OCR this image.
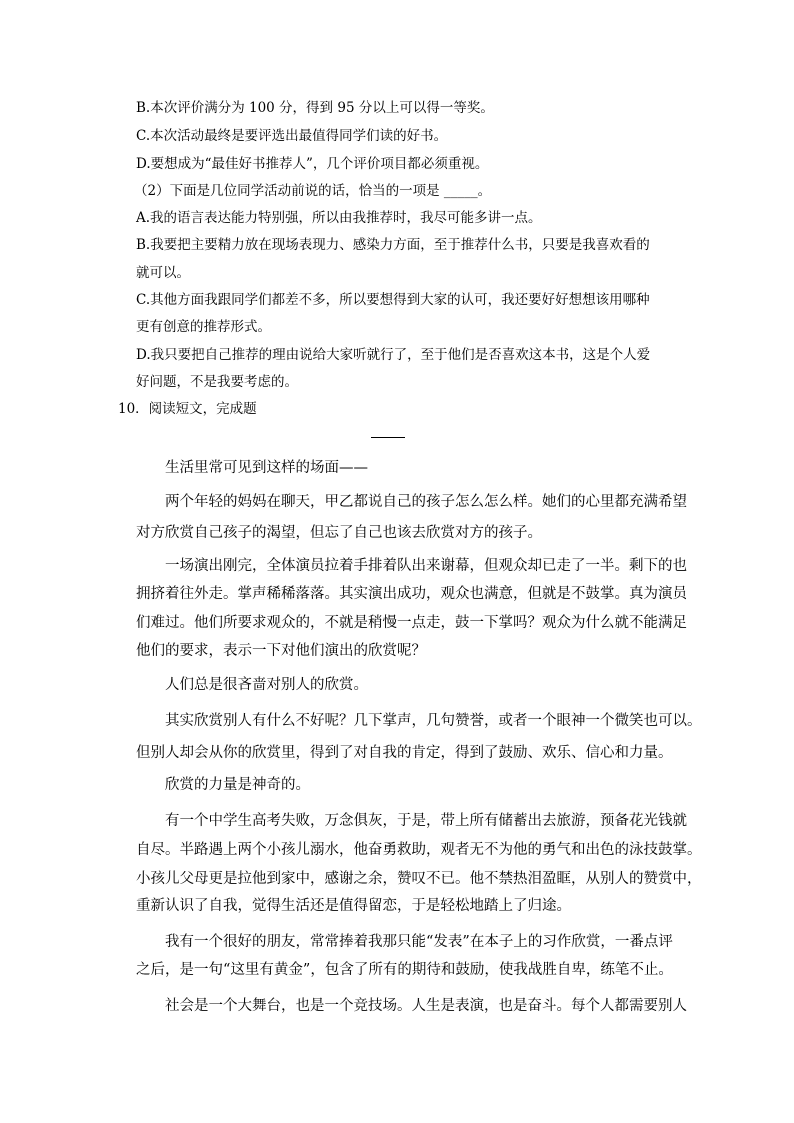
B.本次评价满分为 100 分，得到 95 分以上可以得一等奖。
C.本次活动最终是要评选出最值得同学们读的好书。
D.要想成为“最佳好书推荐人”，几个评价项目都必须重视。
（2）下面是几位同学活动前说的话，恰当的一项是 _____。
A.我的语言表达能力特别强，所以由我推荐时，我尽可能多讲一点。
B.我要把主要精力放在现场表现力、感染力方面，至于推荐什么书，只要是我喜欢看的
就可以。
C.其他方面我跟同学们都差不多，所以要想得到大家的认可，我还要好好想想该用哪种
更有创意的推荐形式。
D.我只要把自己推荐的理由说给大家听就行了，至于他们是否喜欢这本书，这是个人爱
好问题，不是我要考虑的。
10．阅读短文，完成题
生活里常可见到这样的场面——
两个年轻的妈妈在聊天，甲乙都说自己的孩子怎么怎么样。她们的心里都充满希望
对方欣赏自己孩子的渴望，但忘了自己也该去欣赏对方的孩子。
一场演出刚完，全体演员拉着手排着队出来谢幕，但观众却已走了一半。剩下的也
拥挤着往外走。掌声稀稀落落。其实演出成功，观众也满意，但就是不鼓掌。真为演员
们难过。他们所要求观众的，不就是稍慢一点走，鼓一下掌吗？观众为什么就不能满足
他们的要求，表示一下对他们演出的欣赏呢？
人们总是很吝啬对别人的欣赏。
其实欣赏别人有什么不好呢？几下掌声，几句赞誉，或者一个眼神一个微笑也可以。
但别人却会从你的欣赏里，得到了对自我的肯定，得到了鼓励、欢乐、信心和力量。
欣赏的力量是神奇的。
有一个中学生高考失败，万念俱灰，于是，带上所有储蓄出去旅游，预备花光钱就
自尽。半路遇上两个小孩儿溺水，他奋勇救助，观者无不为他的勇气和出色的泳技鼓掌。
小孩儿父母更是拉他到家中，感谢之余，赞叹不已。他不禁热泪盈眶，从别人的赞赏中，
重新认识了自我，觉得生活还是值得留恋，于是轻松地踏上了归途。
我有一个很好的朋友，常常捧着我那只能“发表”在本子上的习作欣赏，一番点评
之后，是一句“这里有黄金”，包含了所有的期待和鼓励，使我战胜自卑，练笔不止。
社会是一个大舞台，也是一个竞技场。人生是表演，也是奋斗。每个人都需要别人
